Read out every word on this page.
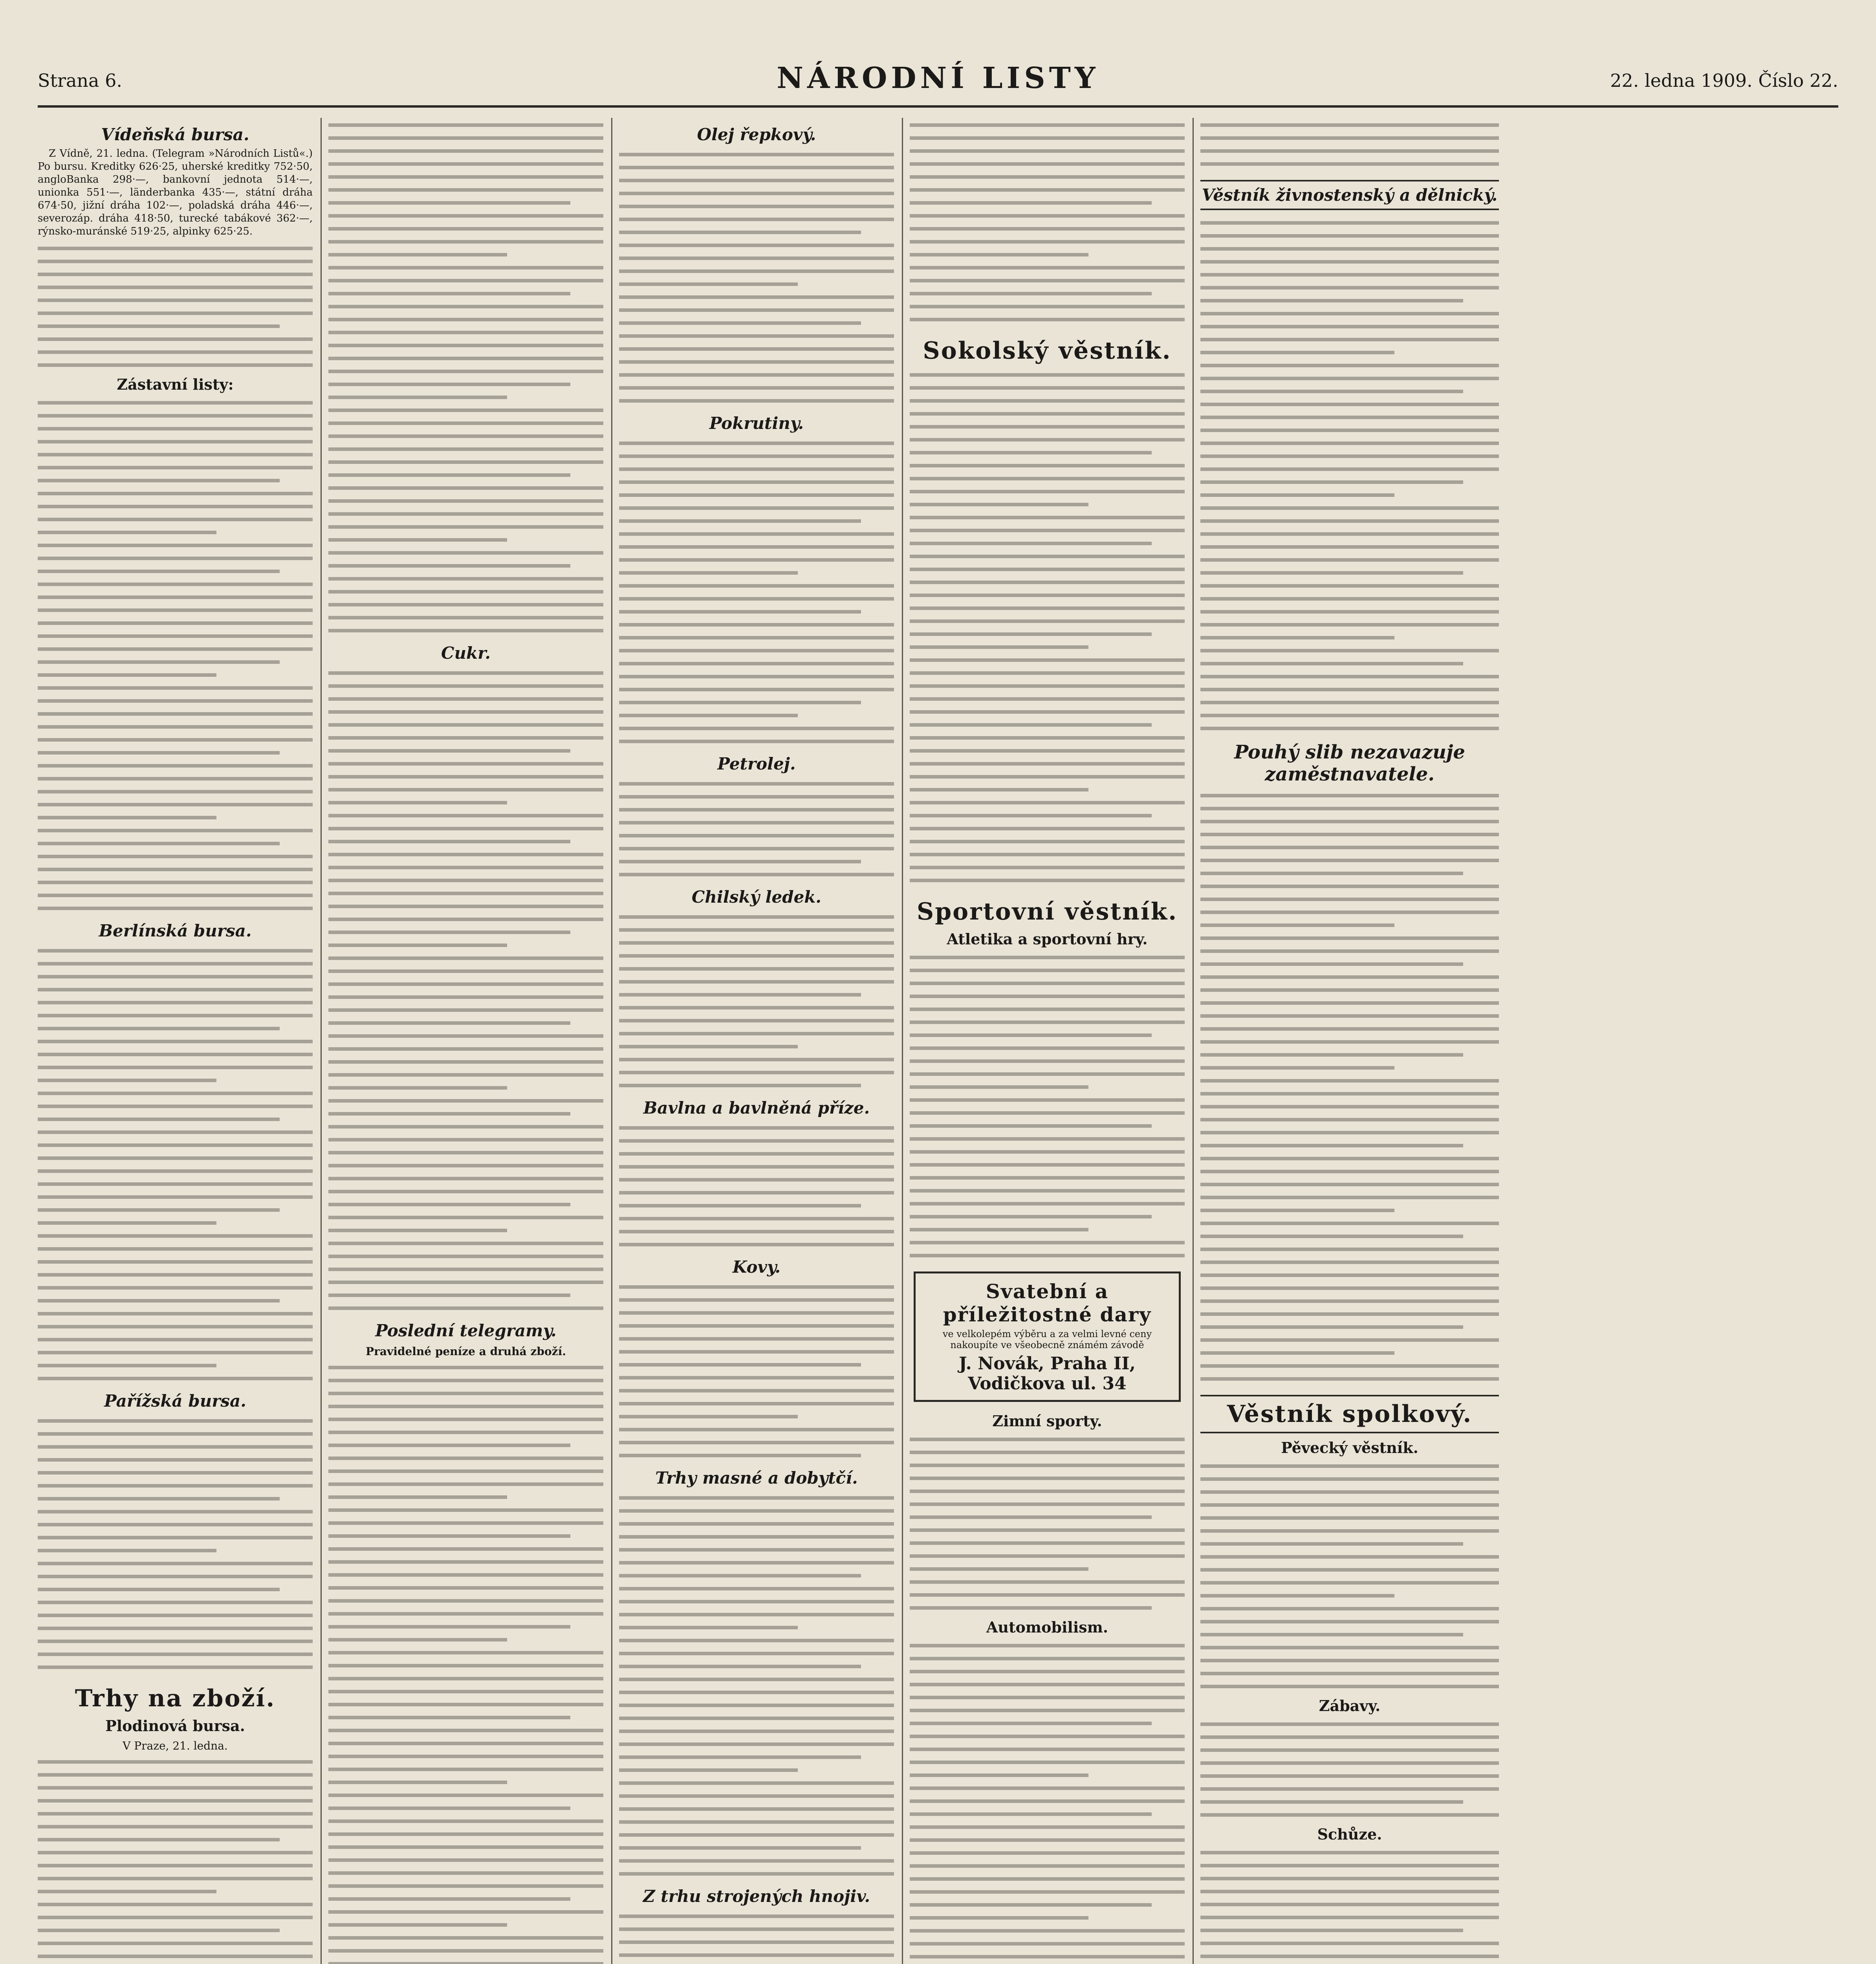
Strana 6.	NÁRODNÍ LISTY	22. ledna 1909. Číslo 22.
Vídeňská bursa.

Z Vídně, 21. ledna. (Telegram »Národních Listů«.) Po bursu. Kreditky 626·25, uherské kreditky 752·50, angloBanka 298·—, bankovní jednota 514·—, unionka 551·—, länderbanka 435·—, státní dráha 674·50, jižní dráha 102·—, poladská dráha 446·—, severozáp. dráha 418·50, turecké tabákové 362·—, rýnsko-muránské 519·25, alpinky 625·25.

Zástavní listy:
Berlínská bursa.
Pařížská bursa.
Trhy na zboží.
Plodinová bursa.
V Praze, 21. ledna.
Cukr.
Poslední telegramy.
Pravidelné peníze a druhá zboží.
Olej řepkový.
Pokrutiny.
Petrolej.
Chilský ledek.
Bavlna a bavlněná příze.
Kovy.
Trhy masné a dobytčí.
Z trhu strojených hnojiv.
Sokolský věstník.
Sportovní věstník.
Atletika a sportovní hry.
Svatební a příležitostné dary
ve velkolepém výběru a za velmi levné ceny nakoupíte ve všeobecně známém závodě
J. Novák, Praha II, Vodičkova ul. 34
Zimní sporty.
Automobilism.
Věstník živnostenský a dělnický.
Pouhý slib nezavazuje zaměstnavatele.
Věstník spolkový.
Pěvecký věstník.
Zábavy.
Schůze.
